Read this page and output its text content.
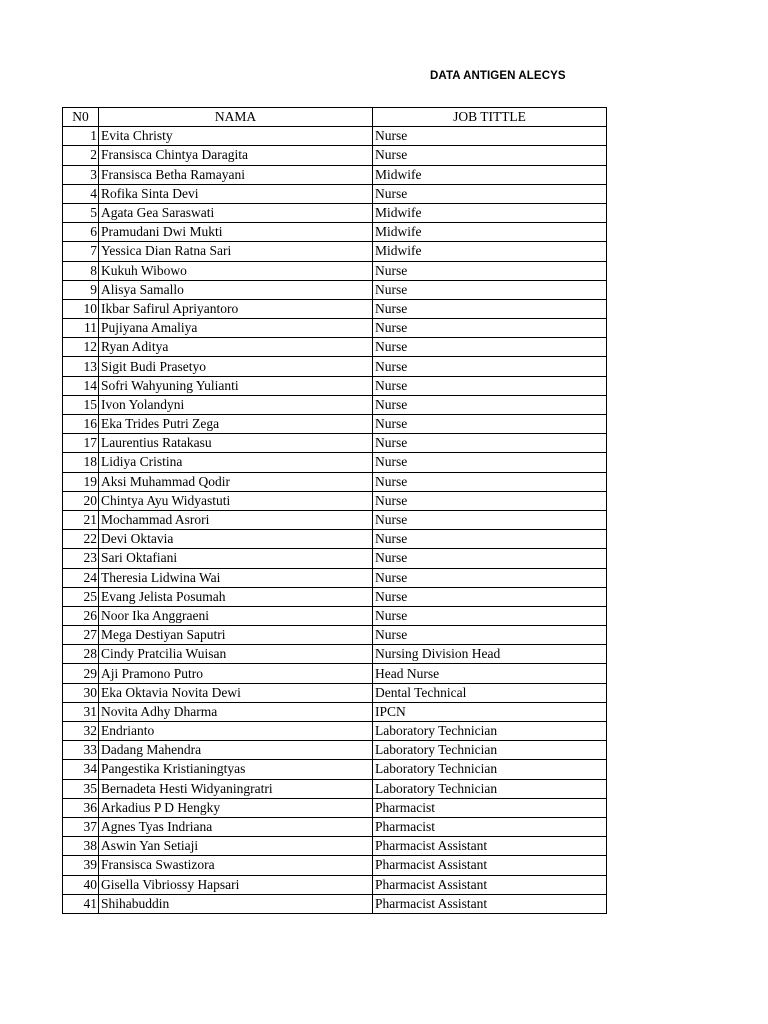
DATA ANTIGEN ALECYS
N0	NAMA	JOB TITTLE
1	Evita Christy	Nurse
2	Fransisca Chintya Daragita	Nurse
3	Fransisca Betha Ramayani	Midwife
4	Rofika Sinta Devi	Nurse
5	Agata Gea Saraswati	Midwife
6	Pramudani Dwi Mukti	Midwife
7	Yessica Dian Ratna Sari	Midwife
8	Kukuh Wibowo	Nurse
9	Alisya Samallo	Nurse
10	Ikbar Safirul Apriyantoro	Nurse
11	Pujiyana Amaliya	Nurse
12	Ryan Aditya	Nurse
13	Sigit Budi Prasetyo	Nurse
14	Sofri Wahyuning Yulianti	Nurse
15	Ivon Yolandyni	Nurse
16	Eka Trides Putri Zega	Nurse
17	Laurentius Ratakasu	Nurse
18	Lidiya Cristina	Nurse
19	Aksi Muhammad Qodir	Nurse
20	Chintya Ayu Widyastuti	Nurse
21	Mochammad Asrori	Nurse
22	Devi Oktavia	Nurse
23	Sari Oktafiani	Nurse
24	Theresia Lidwina Wai	Nurse
25	Evang Jelista Posumah	Nurse
26	Noor Ika Anggraeni	Nurse
27	Mega Destiyan Saputri	Nurse
28	Cindy Pratcilia Wuisan	Nursing Division Head
29	Aji Pramono Putro	Head Nurse
30	Eka Oktavia Novita Dewi	Dental Technical
31	Novita Adhy Dharma	IPCN
32	Endrianto	Laboratory Technician
33	Dadang Mahendra	Laboratory Technician
34	Pangestika Kristianingtyas	Laboratory Technician
35	Bernadeta Hesti Widyaningratri	Laboratory Technician
36	Arkadius P D Hengky	Pharmacist
37	Agnes Tyas Indriana	Pharmacist
38	Aswin Yan Setiaji	Pharmacist Assistant
39	Fransisca Swastizora	Pharmacist Assistant
40	Gisella Vibriossy Hapsari	Pharmacist Assistant
41	Shihabuddin	Pharmacist Assistant
